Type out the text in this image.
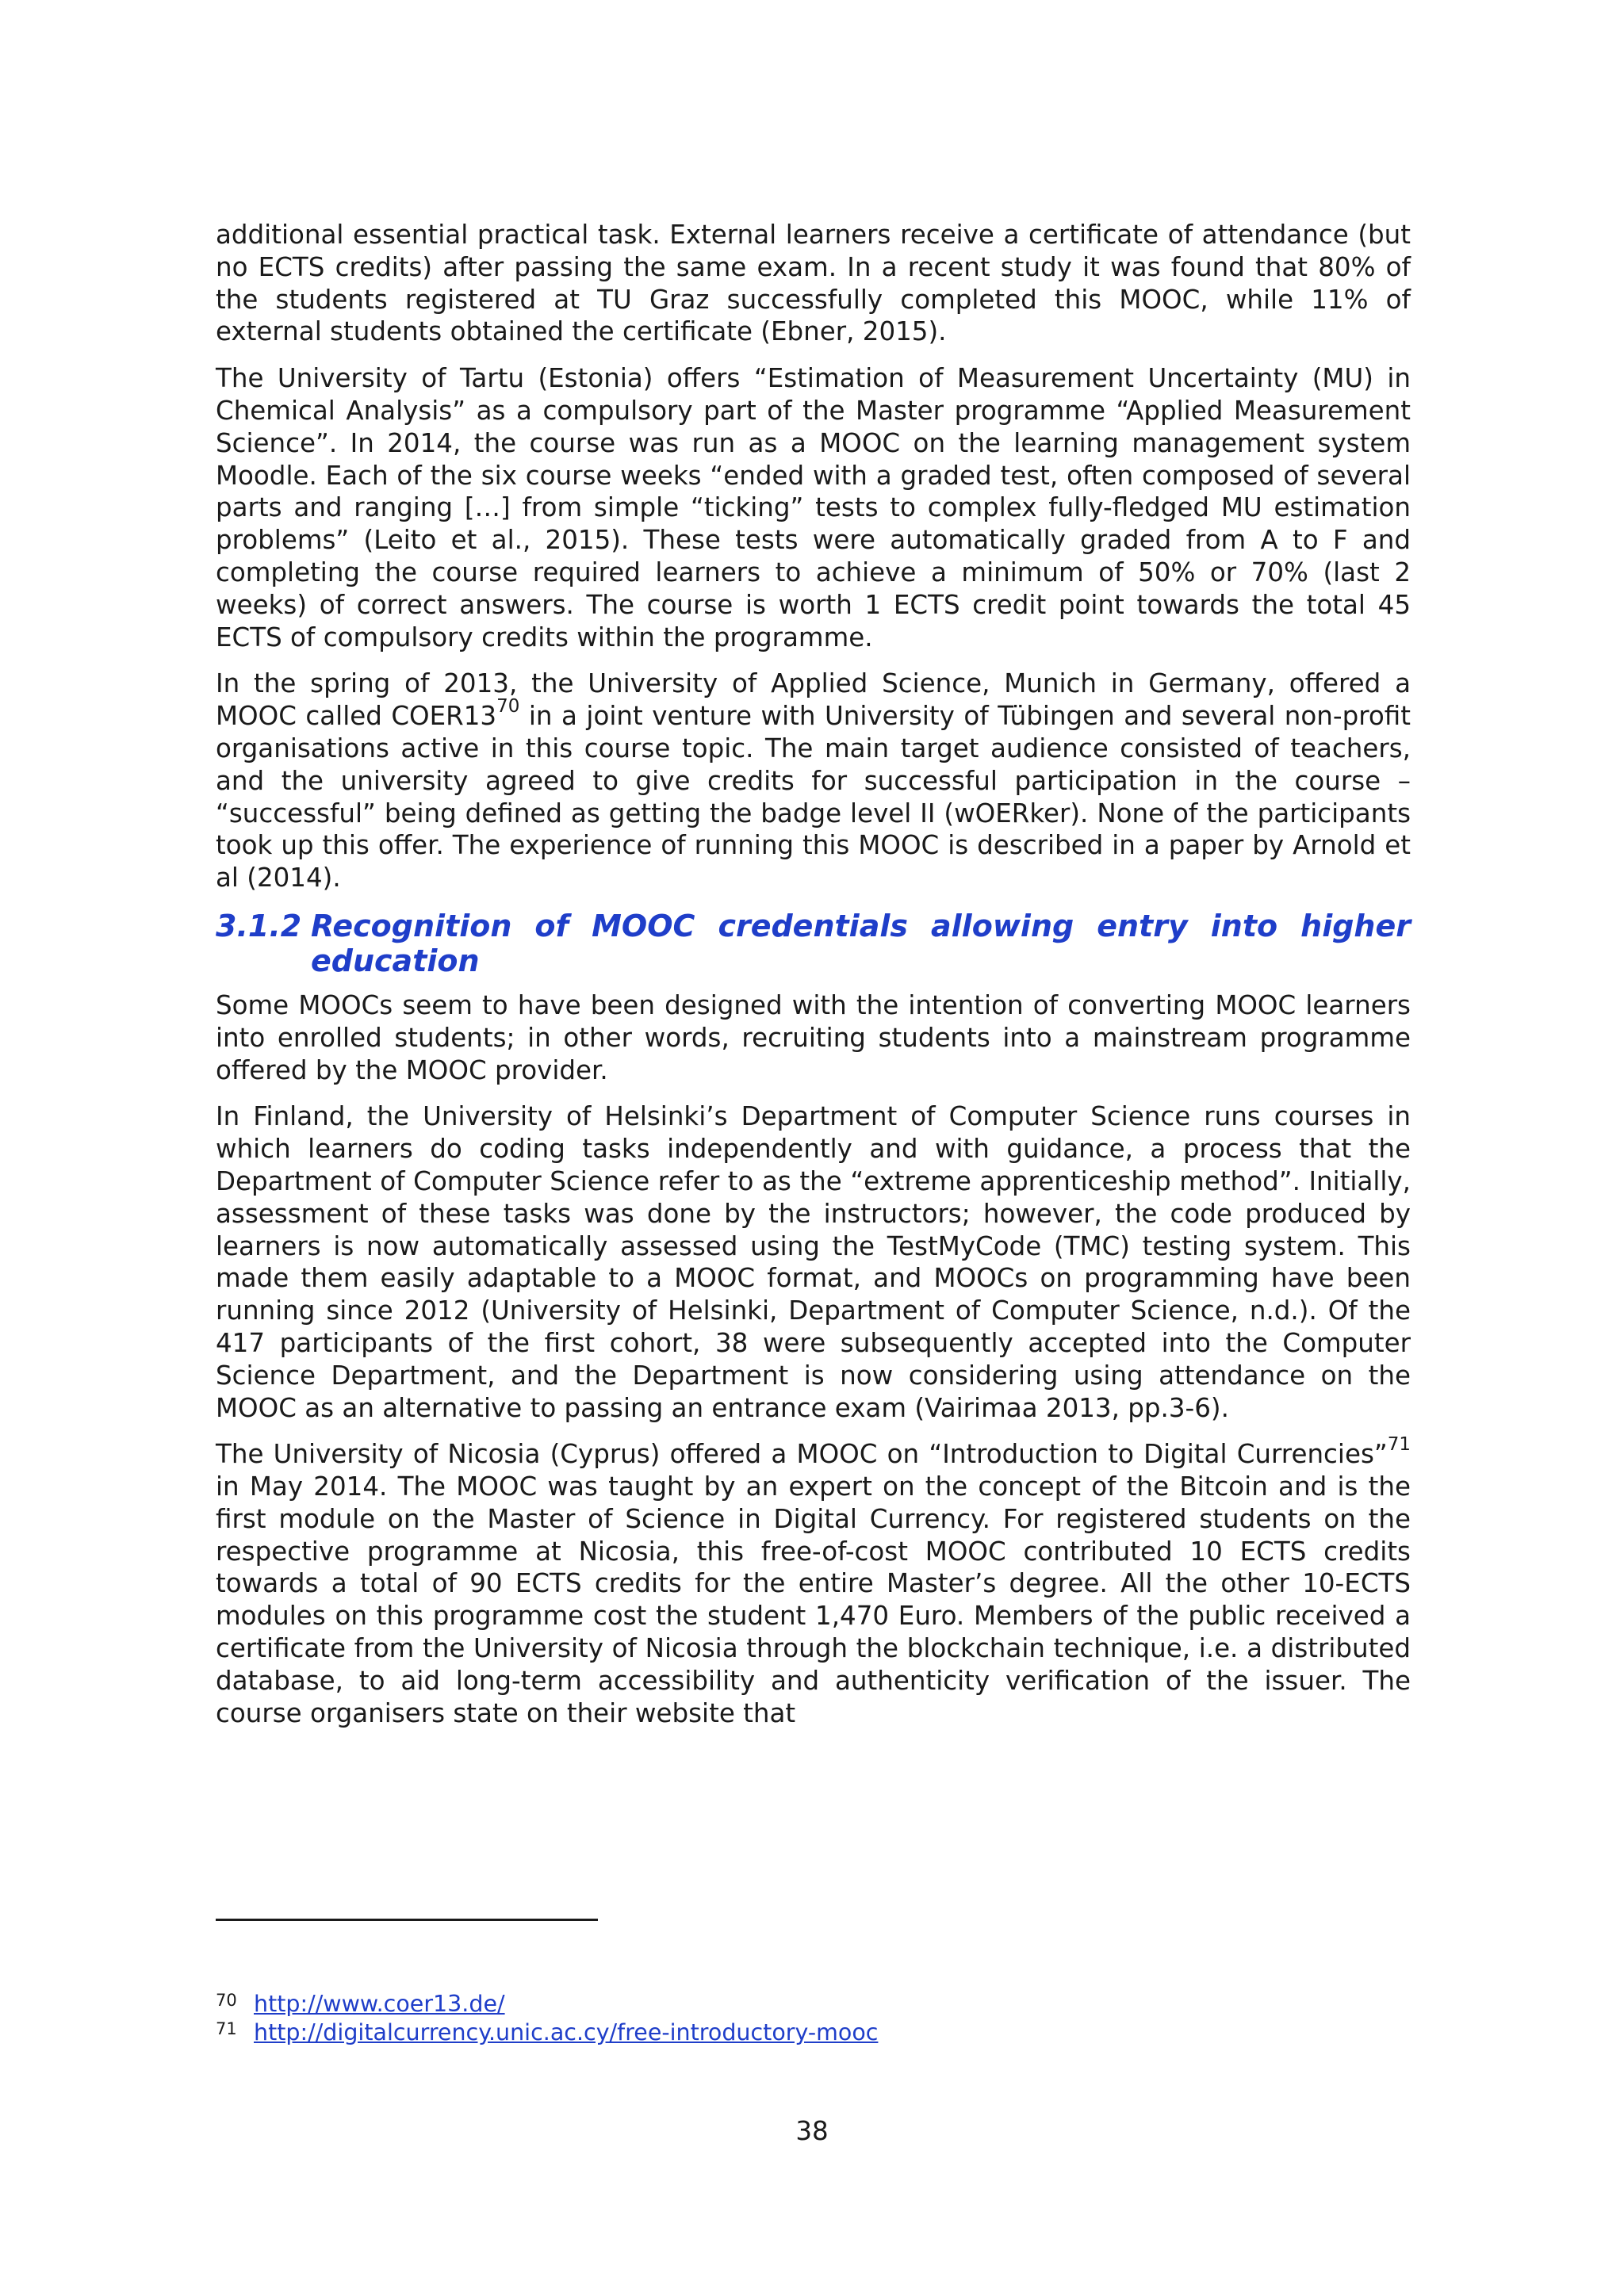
additional essential practical task. External learners receive a certificate of attendance (but no ECTS credits) after passing the same exam. In a recent study it was found that 80% of the students registered at TU Graz successfully completed this MOOC, while 11% of external students obtained the certificate (Ebner, 2015).

The University of Tartu (Estonia) offers “Estimation of Measurement Uncertainty (MU) in Chemical Analysis” as a compulsory part of the Master programme “Applied Measurement Science”. In 2014, the course was run as a MOOC on the learning management system Moodle. Each of the six course weeks “ended with a graded test, often composed of several parts and ranging […] from simple “ticking” tests to complex fully-fledged MU estimation problems” (Leito et al., 2015). These tests were automatically graded from A to F and completing the course required learners to achieve a minimum of 50% or 70% (last 2 weeks) of correct answers. The course is worth 1 ECTS credit point towards the total 45 ECTS of compulsory credits within the programme.

In the spring of 2013, the University of Applied Science, Munich in Germany, offered a MOOC called COER13$^{70}$ in a joint venture with University of Tübingen and several non-profit organisations active in this course topic. The main target audience consisted of teachers, and the university agreed to give credits for successful participation in the course – “successful” being defined as getting the badge level II (wOERker). None of the participants took up this offer. The experience of running this MOOC is described in a paper by Arnold et al (2014).

3.1.2 Recognition of MOOC credentials allowing entry into higher education

Some MOOCs seem to have been designed with the intention of converting MOOC learners into enrolled students; in other words, recruiting students into a mainstream programme offered by the MOOC provider.

In Finland, the University of Helsinki’s Department of Computer Science runs courses in which learners do coding tasks independently and with guidance, a process that the Department of Computer Science refer to as the “extreme apprenticeship method”. Initially, assessment of these tasks was done by the instructors; however, the code produced by learners is now automatically assessed using the TestMyCode (TMC) testing system. This made them easily adaptable to a MOOC format, and MOOCs on programming have been running since 2012 (University of Helsinki, Department of Computer Science, n.d.). Of the 417 participants of the first cohort, 38 were subsequently accepted into the Computer Science Department, and the Department is now considering using attendance on the MOOC as an alternative to passing an entrance exam (Vairimaa 2013, pp.3-6).

The University of Nicosia (Cyprus) offered a MOOC on “Introduction to Digital Currencies”$^{71}$ in May 2014. The MOOC was taught by an expert on the concept of the Bitcoin and is the first module on the Master of Science in Digital Currency. For registered students on the respective programme at Nicosia, this free-of-cost MOOC contributed 10 ECTS credits towards a total of 90 ECTS credits for the entire Master’s degree. All the other 10-ECTS modules on this programme cost the student 1,470 Euro. Members of the public received a certificate from the University of Nicosia through the blockchain technique, i.e. a distributed database, to aid long-term accessibility and authenticity verification of the issuer. The course organisers state on their website that

70 http://www.coer13.de/
71 http://digitalcurrency.unic.ac.cy/free-introductory-mooc
38
